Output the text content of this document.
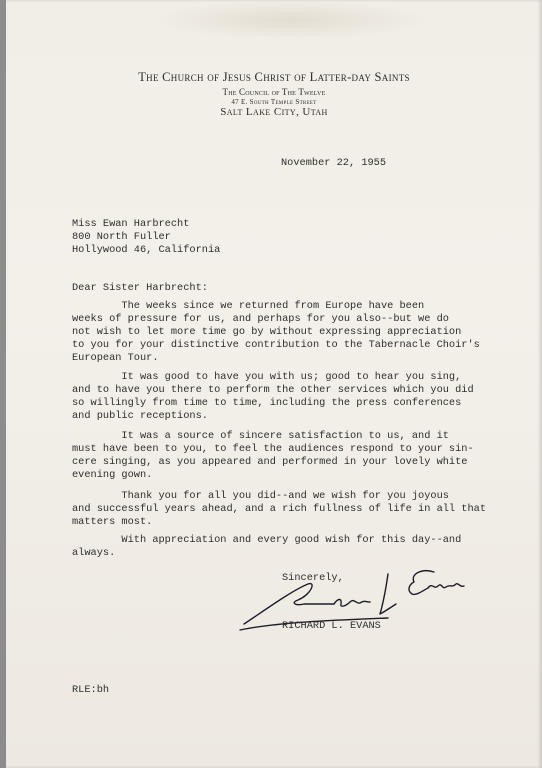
The Church of Jesus Christ of Latter-day Saints
The Council of The Twelve
47 E. South Temple Street
Salt Lake City, Utah
November 22, 1955
Miss Ewan Harbrecht
800 North Fuller
Hollywood 46, California
Dear Sister Harbrecht:
The weeks since we returned from Europe have been
weeks of pressure for us, and perhaps for you also--but we do
not wish to let more time go by without expressing appreciation
to you for your distinctive contribution to the Tabernacle Choir's
European Tour.
It was good to have you with us; good to hear you sing,
and to have you there to perform the other services which you did
so willingly from time to time, including the press conferences
and public receptions.
It was a source of sincere satisfaction to us, and it
must have been to you, to feel the audiences respond to your sin-
cere singing, as you appeared and performed in your lovely white
evening gown.
Thank you for all you did--and we wish for you joyous
and successful years ahead, and a rich fullness of life in all that
matters most.
With appreciation and every good wish for this day--and
always.
Sincerely,
RICHARD L. EVANS
RLE:bh
